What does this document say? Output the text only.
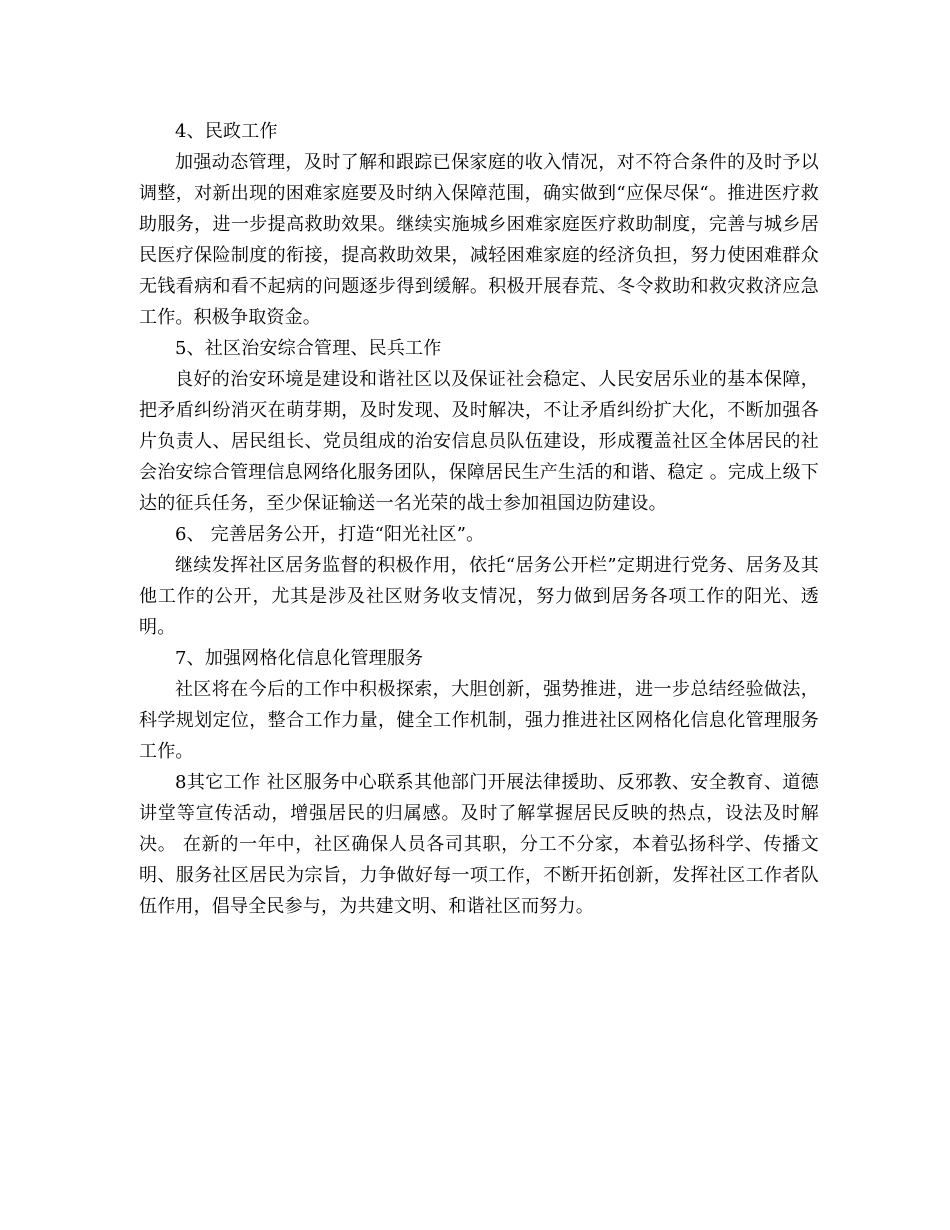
4、民政工作

加强动态管理，及时了解和跟踪已保家庭的收入情况，对不符合条件的及时予以调整，对新出现的困难家庭要及时纳入保障范围，确实做到“应保尽保“。推进医疗救助服务，进一步提高救助效果。继续实施城乡困难家庭医疗救助制度，完善与城乡居民医疗保险制度的衔接，提高救助效果，减轻困难家庭的经济负担，努力使困难群众无钱看病和看不起病的问题逐步得到缓解。积极开展春荒、冬令救助和救灾救济应急工作。积极争取资金。

5、社区治安综合管理、民兵工作

良好的治安环境是建设和谐社区以及保证社会稳定、人民安居乐业的基本保障，把矛盾纠纷消灭在萌芽期，及时发现、及时解决，不让矛盾纠纷扩大化，不断加强各片负责人、居民组长、党员组成的治安信息员队伍建设，形成覆盖社区全体居民的社会治安综合管理信息网络化服务团队，保障居民生产生活的和谐、稳定 。完成上级下达的征兵任务，至少保证输送一名光荣的战士参加祖国边防建设。

6、 完善居务公开，打造“阳光社区”。

继续发挥社区居务监督的积极作用，依托“居务公开栏”定期进行党务、居务及其他工作的公开，尤其是涉及社区财务收支情况，努力做到居务各项工作的阳光、透明。

7、加强网格化信息化管理服务

社区将在今后的工作中积极探索，大胆创新，强势推进，进一步总结经验做法，科学规划定位，整合工作力量，健全工作机制，强力推进社区网格化信息化管理服务工作。

8其它工作 社区服务中心联系其他部门开展法律援助、反邪教、安全教育、道德讲堂等宣传活动，增强居民的归属感。及时了解掌握居民反映的热点，设法及时解决。 在新的一年中，社区确保人员各司其职，分工不分家，本着弘扬科学、传播文明、服务社区居民为宗旨，力争做好每一项工作，不断开拓创新，发挥社区工作者队伍作用，倡导全民参与，为共建文明、和谐社区而努力。
